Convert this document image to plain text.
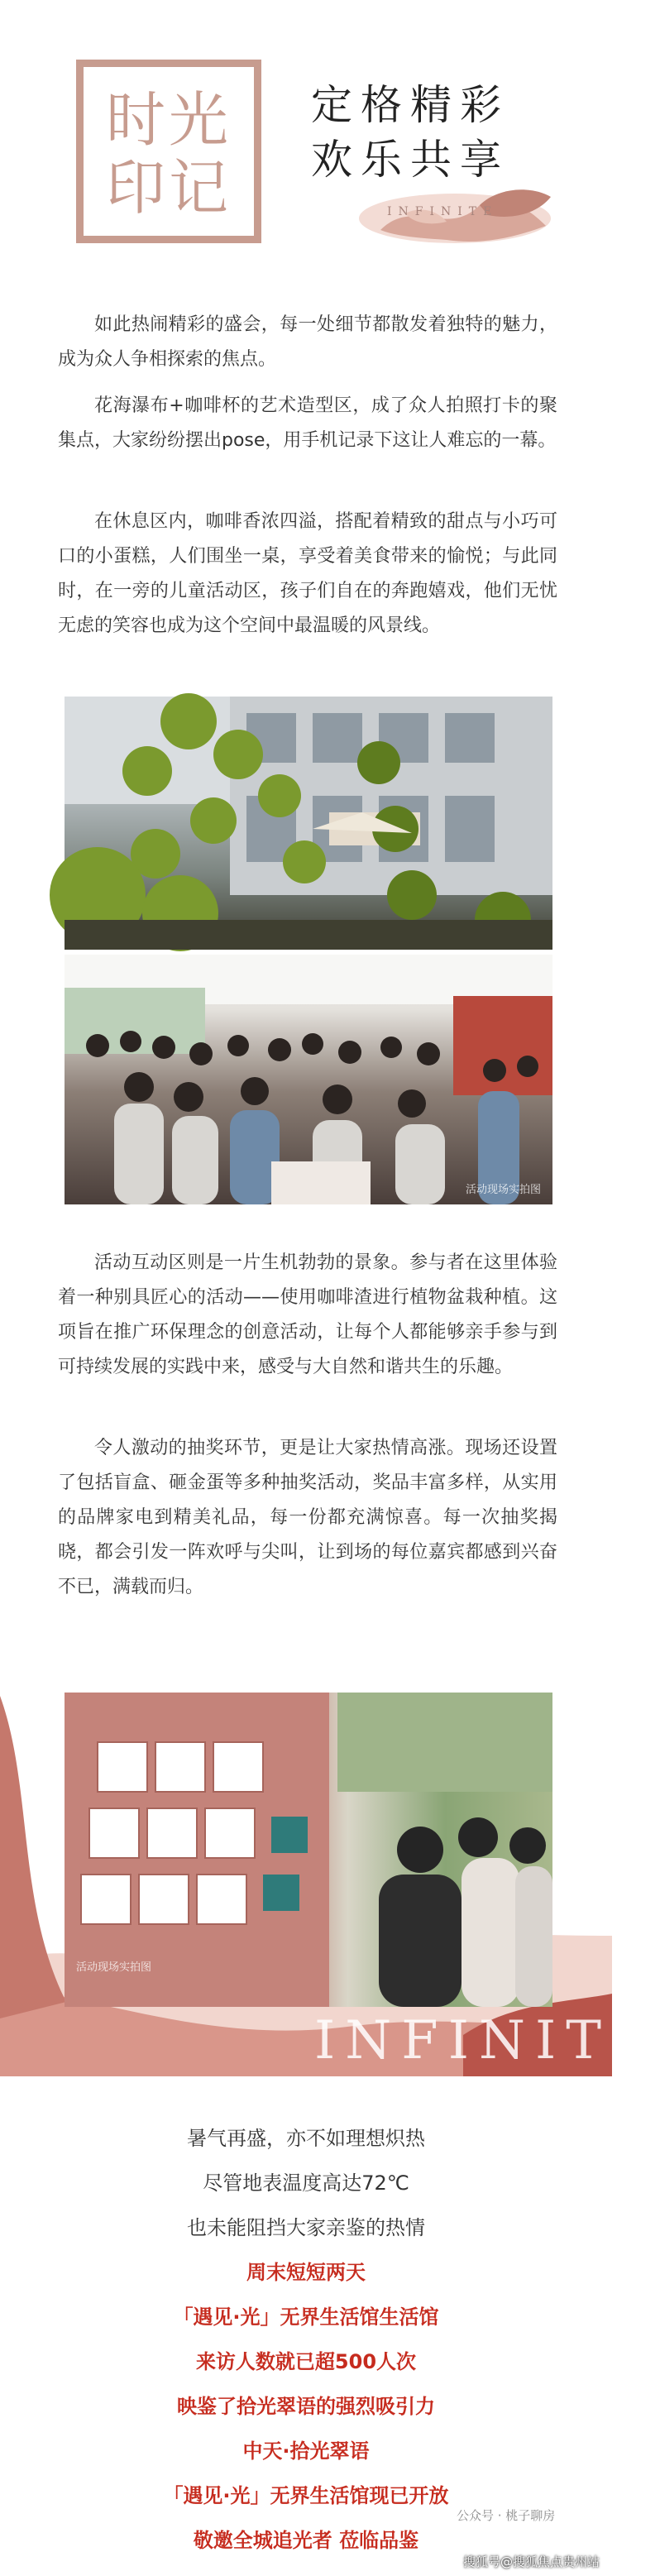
时光
印记
定格精彩
欢乐共享
INFINITE

如此热闹精彩的盛会，每一处细节都散发着独特的魅力，成为众人争相探索的焦点。

花海瀑布+咖啡杯的艺术造型区，成了众人拍照打卡的聚集点，大家纷纷摆出pose，用手机记录下这让人难忘的一幕。

在休息区内，咖啡香浓四溢，搭配着精致的甜点与小巧可口的小蛋糕，人们围坐一桌，享受着美食带来的愉悦；与此同时，在一旁的儿童活动区，孩子们自在的奔跑嬉戏，他们无忧无虑的笑容也成为这个空间中最温暖的风景线。

活动现场实拍图

活动互动区则是一片生机勃勃的景象。参与者在这里体验着一种别具匠心的活动——使用咖啡渣进行植物盆栽种植。这项旨在推广环保理念的创意活动，让每个人都能够亲手参与到可持续发展的实践中来，感受与大自然和谐共生的乐趣。

令人激动的抽奖环节，更是让大家热情高涨。现场还设置了包括盲盒、砸金蛋等多种抽奖活动，奖品丰富多样，从实用的品牌家电到精美礼品，每一份都充满惊喜。每一次抽奖揭晓，都会引发一阵欢呼与尖叫，让到场的每位嘉宾都感到兴奋不已，满载而归。

活动现场实拍图
INFINITE
暑气再盛，亦不如理想炽热
尽管地表温度高达72℃
也未能阻挡大家亲鉴的热情
周末短短两天
「遇见·光」无界生活馆生活馆
来访人数就已超500人次
映鉴了拾光翠语的强烈吸引力
中天·拾光翠语
「遇见·光」无界生活馆现已开放
敬邀全城追光者 莅临品鉴
公众号 · 桃子聊房
搜狐号@搜狐焦点贵州站
